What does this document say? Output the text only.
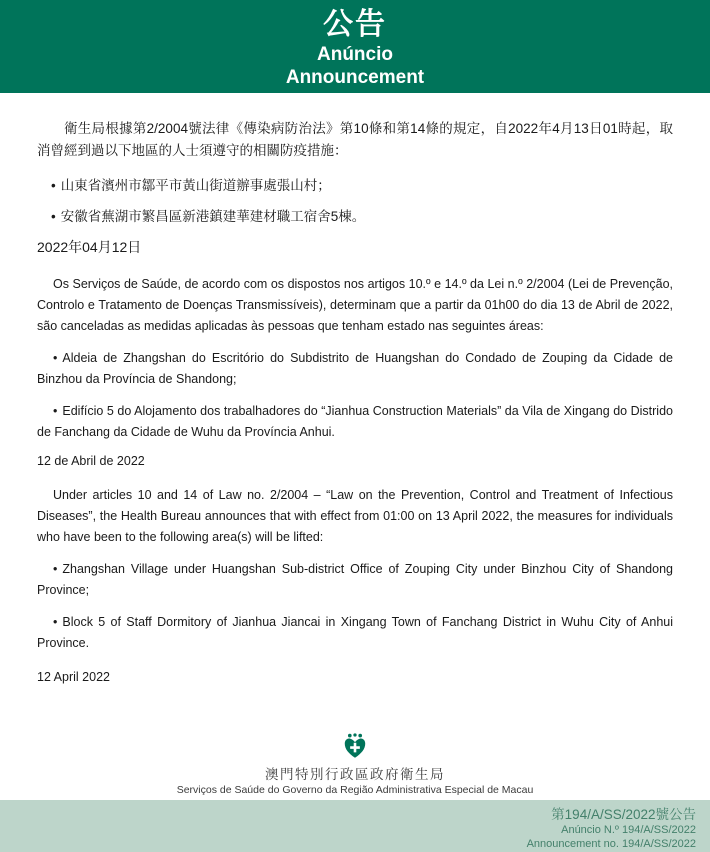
公告
Anúncio
Announcement

衛生局根據第2/2004號法律《傳染病防治法》第10條和第14條的規定，自2022年4月13日01時起，取消曾經到過以下地區的人士須遵守的相關防疫措施：

• 山東省濱州市鄒平市黃山街道辦事處張山村；

• 安徽省蕪湖市繁昌區新港鎮建華建材職工宿舍5棟。

2022年04月12日

Os Serviços de Saúde, de acordo com os dispostos nos artigos 10.º e 14.º da Lei n.º 2/2004 (Lei de Prevenção, Controlo e Tratamento de Doenças Transmissíveis), determinam que a partir da 01h00 do dia 13 de Abril de 2022, são canceladas as medidas aplicadas às pessoas que tenham estado nas seguintes áreas:

• Aldeia de Zhangshan do Escritório do Subdistrito de Huangshan do Condado de Zouping da Cidade de Binzhou da Província de Shandong;

• Edifício 5 do Alojamento dos trabalhadores do “Jianhua Construction Materials” da Vila de Xingang do Distrido de Fanchang da Cidade de Wuhu da Província Anhui.

12 de Abril de 2022

Under articles 10 and 14 of Law no. 2/2004 – “Law on the Prevention, Control and Treatment of Infectious Diseases”, the Health Bureau announces that with effect from 01:00 on 13 April 2022, the measures for individuals who have been to the following area(s) will be lifted:

• Zhangshan Village under Huangshan Sub-district Office of Zouping City under Binzhou City of Shandong Province;

• Block 5 of Staff Dormitory of Jianhua Jiancai in Xingang Town of Fanchang District in Wuhu City of Anhui Province.

12 April 2022

澳門特別行政區政府衛生局
Serviços de Saúde do Governo da Região Administrativa Especial de Macau
第194/A/SS/2022號公告
Anúncio N.º 194/A/SS/2022
Announcement no. 194/A/SS/2022
